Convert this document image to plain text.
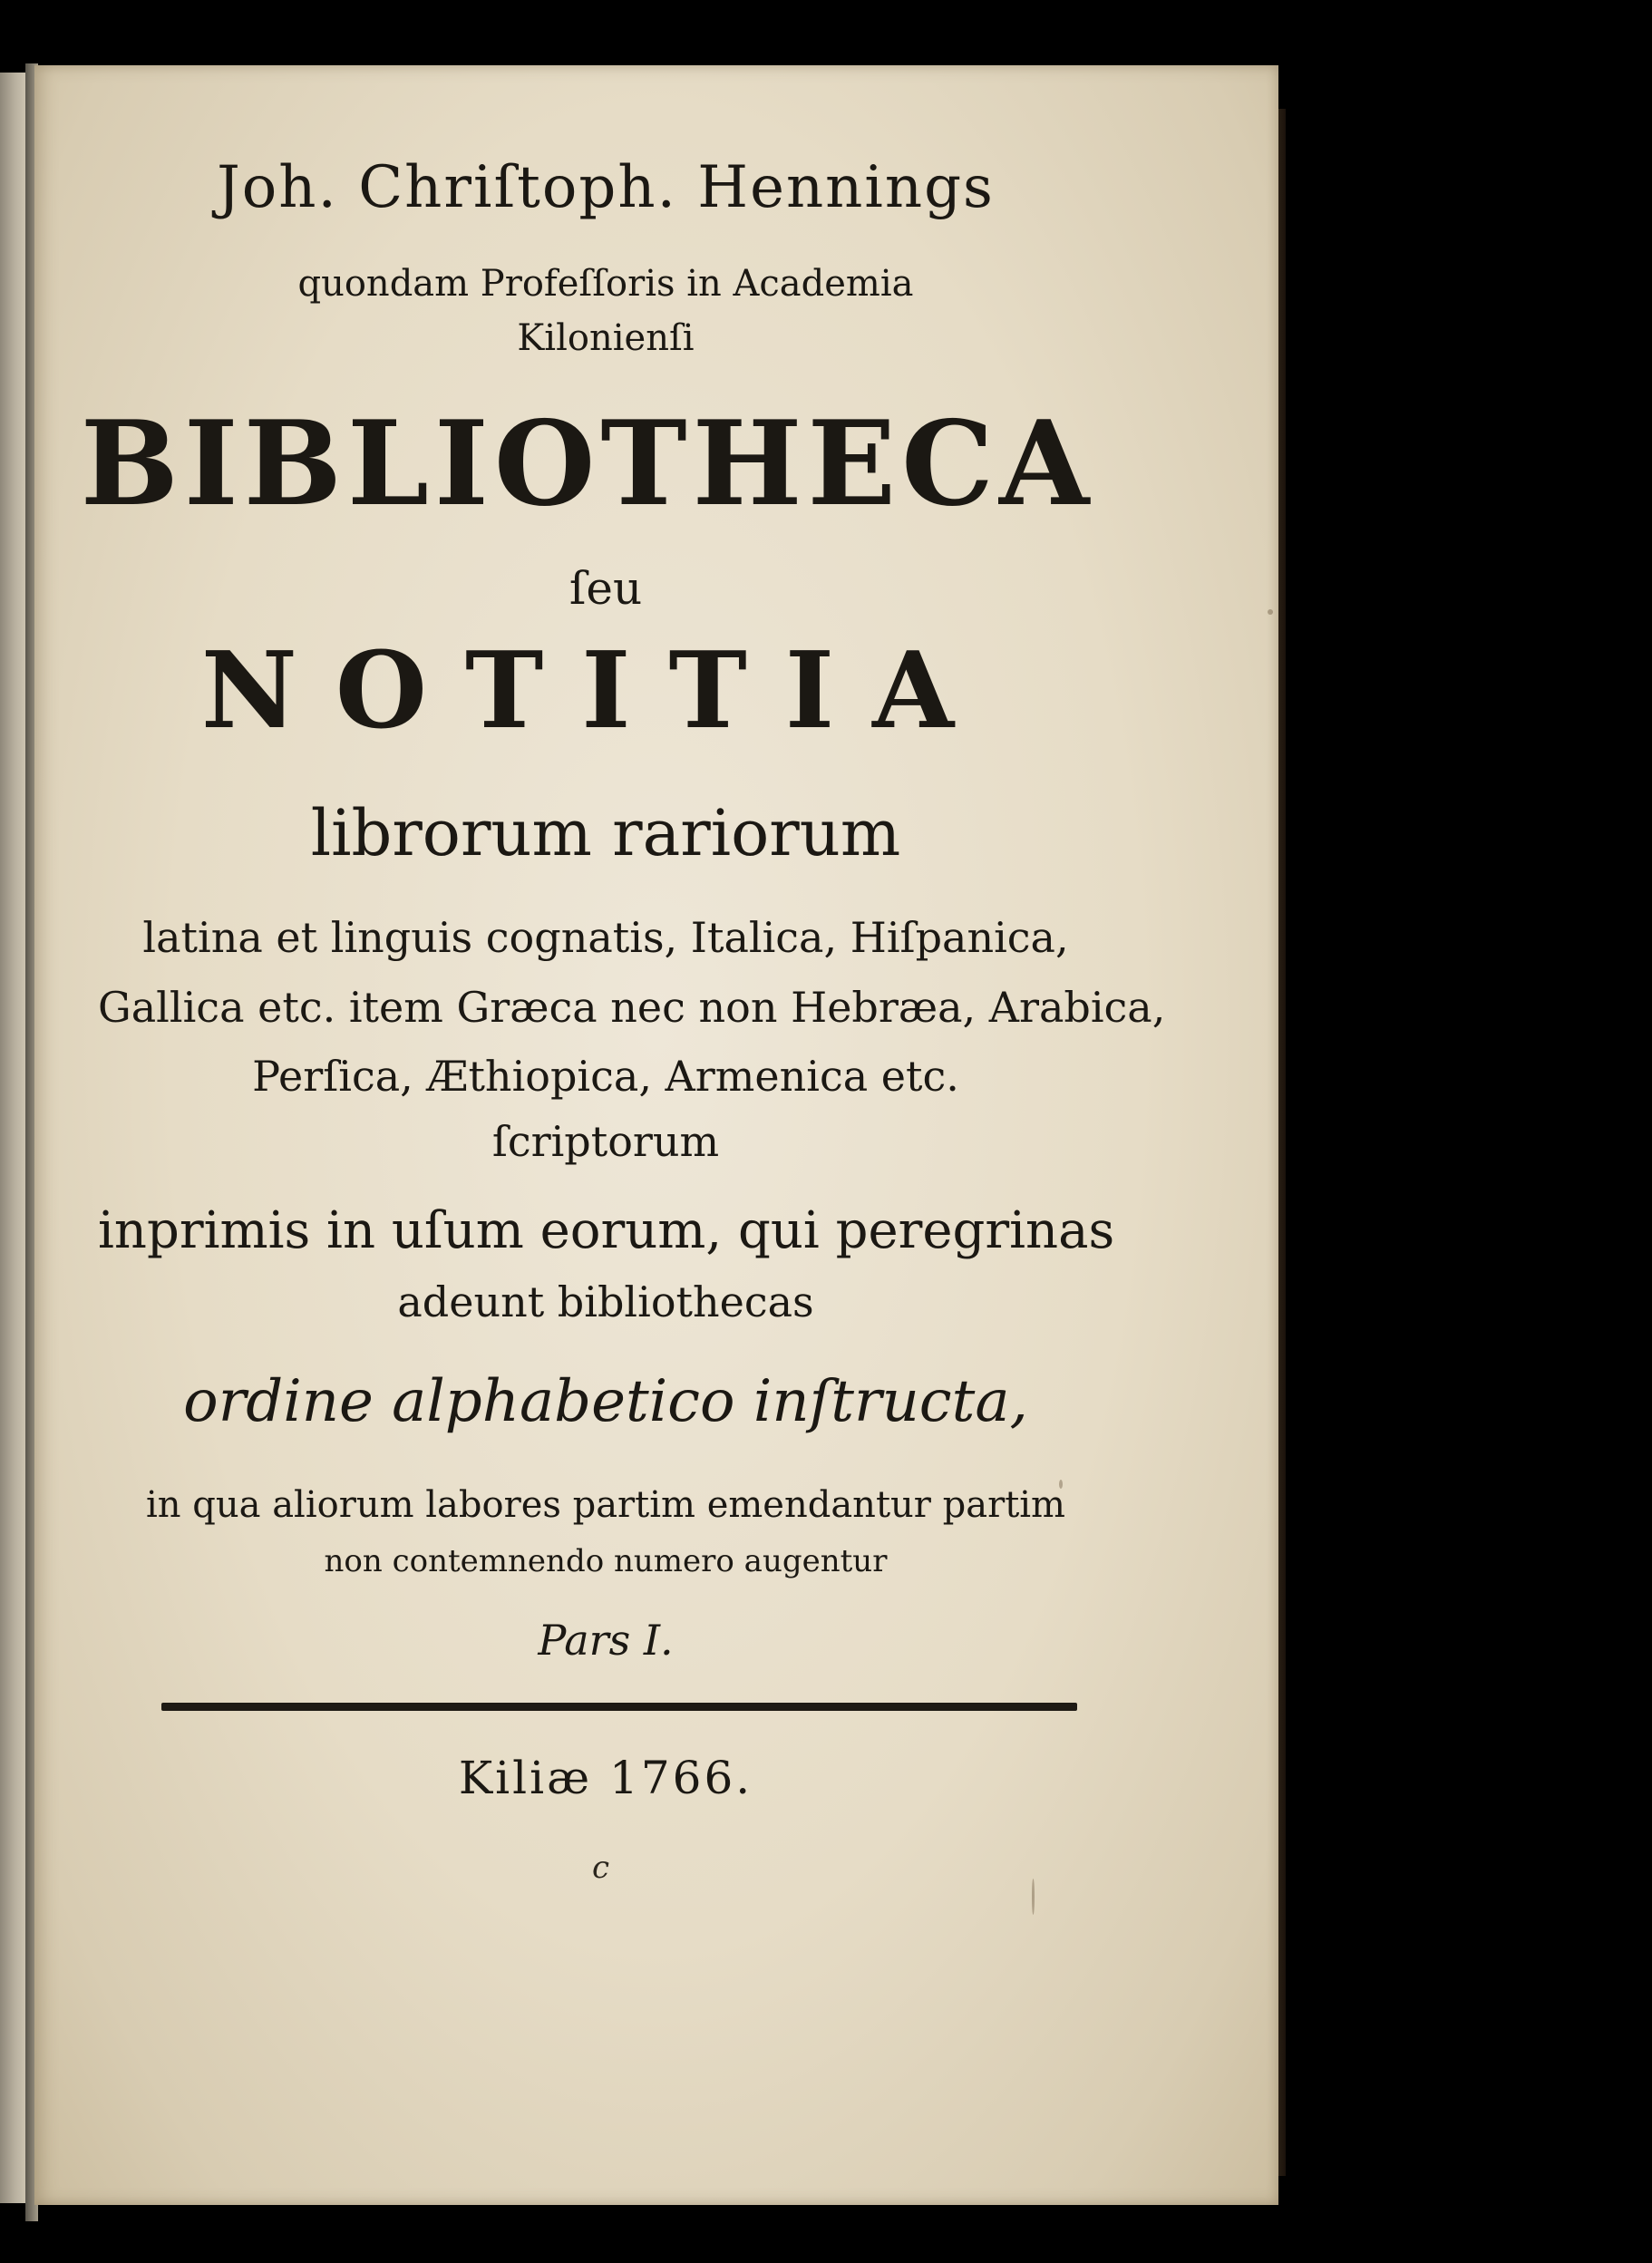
Joh. Chriſtoph. Hennings
quondam Profeſſoris in Academia
Kilonienſi
BIBLIOTHECA
ſeu
NOTITIA
librorum rariorum
latina et linguis cognatis, Italica, Hiſpanica,
Gallica etc. item Græca nec non Hebræa, Arabica,
Perſica, Æthiopica, Armenica etc.
ſcriptorum
inprimis in uſum eorum, qui peregrinas
adeunt bibliothecas
ordine alphabetico inſtructa,
in qua aliorum labores partim emendantur partim
non contemnendo numero augentur
Pars I.
Kiliæ 1766.
c
